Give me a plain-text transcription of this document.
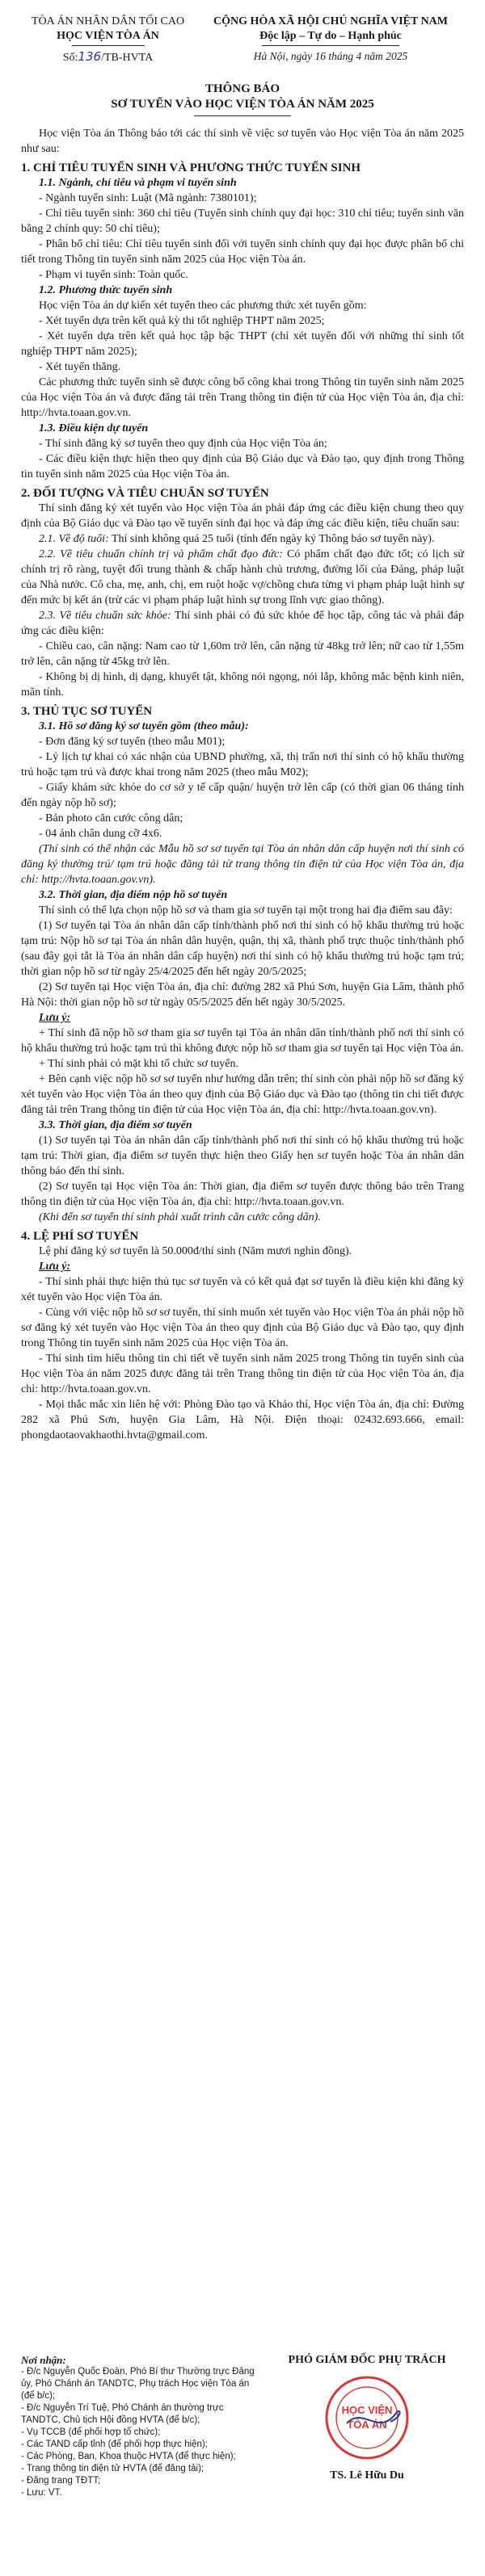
TÒA ÁN NHÂN DÂN TỐI CAO
HỌC VIỆN TÒA ÁN
Số:136/TB-HVTA
CỘNG HÒA XÃ HỘI CHỦ NGHĨA VIỆT NAM
Độc lập – Tự do – Hạnh phúc
Hà Nội, ngày 16 tháng 4 năm 2025
THÔNG BÁO
SƠ TUYỂN VÀO HỌC VIỆN TÒA ÁN NĂM 2025

Học viện Tòa án Thông báo tới các thí sinh về việc sơ tuyển vào Học viện Tòa án năm 2025 như sau:

1. CHỈ TIÊU TUYỂN SINH VÀ PHƯƠNG THỨC TUYỂN SINH

1.1. Ngành, chỉ tiêu và phạm vi tuyển sinh

- Ngành tuyển sinh: Luật (Mã ngành: 7380101);

- Chỉ tiêu tuyển sinh: 360 chỉ tiêu (Tuyển sinh chính quy đại học: 310 chỉ tiêu; tuyển sinh văn bằng 2 chính quy: 50 chỉ tiêu);

- Phân bổ chỉ tiêu: Chỉ tiêu tuyển sinh đối với tuyển sinh chính quy đại học được phân bổ chi tiết trong Thông tin tuyển sinh năm 2025 của Học viện Tòa án.

- Phạm vi tuyển sinh: Toàn quốc.

1.2. Phương thức tuyển sinh

Học viện Tòa án dự kiến xét tuyển theo các phương thức xét tuyển gồm:

- Xét tuyển dựa trên kết quả kỳ thi tốt nghiệp THPT năm 2025;

- Xét tuyển dựa trên kết quả học tập bậc THPT (chỉ xét tuyển đối với những thí sinh tốt nghiệp THPT năm 2025);

- Xét tuyển thẳng.

Các phương thức tuyển sinh sẽ được công bố công khai trong Thông tin tuyển sinh năm 2025 của Học viện Tòa án và được đăng tải trên Trang thông tin điện tử của Học viện Tòa án, địa chỉ: http://hvta.toaan.gov.vn.

1.3. Điều kiện dự tuyển

- Thí sinh đăng ký sơ tuyển theo quy định của Học viện Tòa án;

- Các điều kiện thực hiện theo quy định của Bộ Giáo dục và Đào tạo, quy định trong Thông tin tuyển sinh năm 2025 của Học viện Tòa án.

2. ĐỐI TƯỢNG VÀ TIÊU CHUẨN SƠ TUYỂN

Thí sinh đăng ký xét tuyển vào Học viện Tòa án phải đáp ứng các điều kiện chung theo quy định của Bộ Giáo dục và Đào tạo về tuyển sinh đại học và đáp ứng các điều kiện, tiêu chuẩn sau:

2.1. Về độ tuổi: Thí sinh không quá 25 tuổi (tính đến ngày ký Thông báo sơ tuyển này).

2.2. Về tiêu chuẩn chính trị và phẩm chất đạo đức: Có phẩm chất đạo đức tốt; có lịch sử chính trị rõ ràng, tuyệt đối trung thành & chấp hành chủ trương, đường lối của Đảng, pháp luật của Nhà nước. Cô cha, mẹ, anh, chị, em ruột hoặc vợ/chồng chưa từng vi phạm pháp luật hình sự đến mức bị kết án (trừ các vi phạm pháp luật hình sự trong lĩnh vực giao thông).

2.3. Về tiêu chuẩn sức khỏe: Thí sinh phải có đủ sức khỏe để học tập, công tác và phải đáp ứng các điều kiện:

- Chiều cao, cân nặng: Nam cao từ 1,60m trở lên, cân nặng từ 48kg trở lên; nữ cao từ 1,55m trở lên, cân nặng từ 45kg trở lên.

- Không bị dị hình, dị dạng, khuyết tật, không nói ngọng, nói lắp, không mắc bệnh kinh niên, mãn tính.

3. THỦ TỤC SƠ TUYỂN

3.1. Hồ sơ đăng ký sơ tuyển gồm (theo mẫu):

- Đơn đăng ký sơ tuyển (theo mẫu M01);

- Lý lịch tự khai có xác nhận của UBND phường, xã, thị trấn nơi thí sinh có hộ khẩu thường trú hoặc tạm trú và được khai trong năm 2025 (theo mẫu M02);

- Giấy khám sức khỏe do cơ sở y tế cấp quận/ huyện trở lên cấp (có thời gian 06 tháng tính đến ngày nộp hồ sơ);

- Bản photo căn cước công dân;

- 04 ảnh chân dung cỡ 4x6.

(Thí sinh có thể nhận các Mẫu hồ sơ sơ tuyển tại Tòa án nhân dân cấp huyện nơi thí sinh có đăng ký thường trú/ tạm trú hoặc đăng tải từ trang thông tin điện tử của Học viện Tòa án, địa chỉ: http://hvta.toaan.gov.vn).

3.2. Thời gian, địa điểm nộp hồ sơ tuyển

Thí sinh có thể lựa chọn nộp hồ sơ và tham gia sơ tuyển tại một trong hai địa điểm sau đây:

(1) Sơ tuyển tại Tòa án nhân dân cấp tỉnh/thành phố nơi thí sinh có hộ khẩu thường trú hoặc tạm trú: Nộp hồ sơ tại Tòa án nhân dân huyện, quận, thị xã, thành phố trực thuộc tỉnh/thành phố (sau đây gọi tắt là Tòa án nhân dân cấp huyện) nơi thí sinh có hộ khẩu thường trú hoặc tạm trú; thời gian nộp hồ sơ từ ngày 25/4/2025 đến hết ngày 20/5/2025;

(2) Sơ tuyển tại Học viện Tòa án, địa chỉ: đường 282 xã Phú Sơn, huyện Gia Lâm, thành phố Hà Nội: thời gian nộp hồ sơ từ ngày 05/5/2025 đến hết ngày 30/5/2025.

Lưu ý:

+ Thí sinh đã nộp hồ sơ tham gia sơ tuyển tại Tòa án nhân dân tỉnh/thành phố nơi thí sinh có hộ khẩu thường trú hoặc tạm trú thì không được nộp hồ sơ tham gia sơ tuyển tại Học viện Tòa án.

+ Thí sinh phải có mặt khi tổ chức sơ tuyển.

+ Bên cạnh việc nộp hồ sơ sơ tuyển như hướng dẫn trên; thí sinh còn phải nộp hồ sơ đăng ký xét tuyển vào Học viện Tòa án theo quy định của Bộ Giáo dục và Đào tạo (thông tin chi tiết được đăng tải trên Trang thông tin điện tử của Học viện Tòa án, địa chỉ: http://hvta.toaan.gov.vn).

3.3. Thời gian, địa điểm sơ tuyển

(1) Sơ tuyển tại Tòa án nhân dân cấp tỉnh/thành phố nơi thí sinh có hộ khẩu thường trú hoặc tạm trú: Thời gian, địa điểm sơ tuyển thực hiện theo Giấy hẹn sơ tuyển hoặc Tòa án nhân dân thông báo đến thí sinh.

(2) Sơ tuyển tại Học viện Tòa án: Thời gian, địa điểm sơ tuyển được thông báo trên Trang thông tin điện tử của Học viện Tòa án, địa chỉ: http://hvta.toaan.gov.vn.

(Khi đến sơ tuyển thí sinh phải xuất trình căn cước công dân).

4. LỆ PHÍ SƠ TUYỂN

Lệ phí đăng ký sơ tuyển là 50.000đ/thí sinh (Năm mươi nghìn đồng).

Lưu ý:

- Thí sinh phải thực hiện thủ tục sơ tuyển và có kết quả đạt sơ tuyển là điều kiện khi đăng ký xét tuyển vào Học viện Tòa án.

- Cùng với việc nộp hồ sơ sơ tuyển, thí sinh muốn xét tuyển vào Học viện Tòa án phải nộp hồ sơ đăng ký xét tuyển vào Học viện Tòa án theo quy định của Bộ Giáo dục và Đào tạo, quy định trong Thông tin tuyển sinh năm 2025 của Học viện Tòa án.

- Thí sinh tìm hiểu thông tin chi tiết về tuyển sinh năm 2025 trong Thông tin tuyển sinh của Học viện Tòa án năm 2025 được đăng tải trên Trang thông tin điện tử của Học viện Tòa án, địa chỉ: http://hvta.toaan.gov.vn.

- Mọi thắc mắc xin liên hệ với: Phòng Đào tạo và Khảo thí, Học viện Tòa án, địa chỉ: Đường 282 xã Phú Sơn, huyện Gia Lâm, Hà Nội. Điện thoại: 02432.693.666, email: phongdaotaovakhaothi.hvta@gmail.com.

Nơi nhận:
- Đ/c Nguyễn Quốc Đoàn, Phó Bí thư Thường trực Đảng ủy, Phó Chánh án TANDTC, Phụ trách Học viện Tòa án (để b/c);
- Đ/c Nguyễn Trí Tuệ, Phó Chánh án thường trực TANDTC, Chủ tịch Hội đồng HVTA (để b/c);
- Vụ TCCB (để phối hợp tổ chức);
- Các TAND cấp tỉnh (để phối hợp thực hiện);
- Các Phòng, Ban, Khoa thuộc HVTA (để thực hiện);
- Trang thông tin điện tử HVTA (để đăng tải);
- Đăng trang TĐTT;
- Lưu: VT.
PHÓ GIÁM ĐỐC PHỤ TRÁCH
HỌC VIỆN
TÒA ÁN
TS. Lê Hữu Du
